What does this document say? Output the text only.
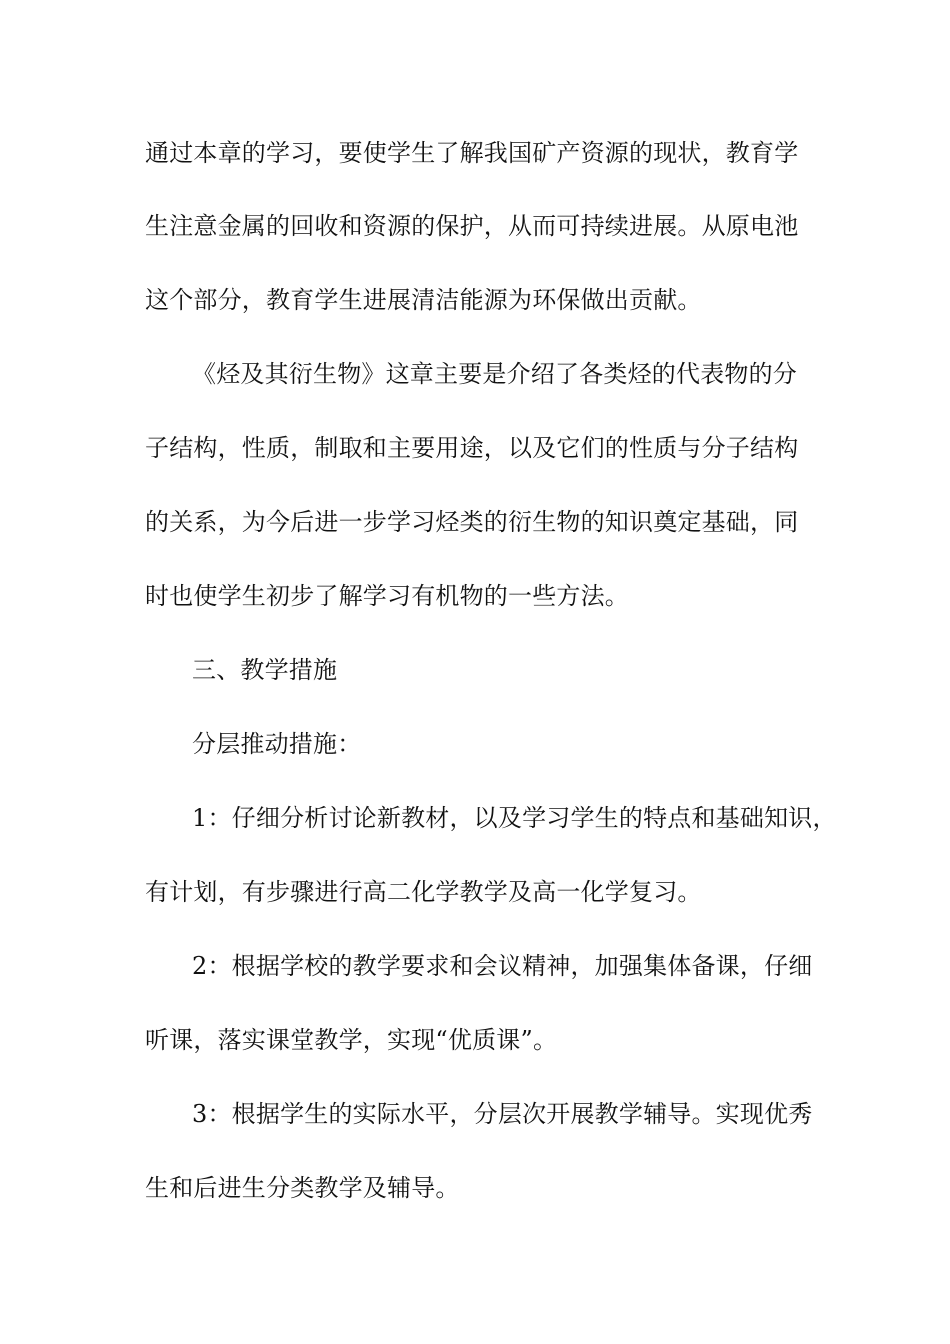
通过本章的学习，要使学生了解我国矿产资源的现状，教育学
生注意金属的回收和资源的保护，从而可持续进展。从原电池
这个部分，教育学生进展清洁能源为环保做出贡献。
《烃及其衍生物》这章主要是介绍了各类烃的代表物的分
子结构，性质，制取和主要用途，以及它们的性质与分子结构
的关系，为今后进一步学习烃类的衍生物的知识奠定基础，同
时也使学生初步了解学习有机物的一些方法。
三、教学措施
分层推动措施：
1：仔细分析讨论新教材，以及学习学生的特点和基础知识，
有计划，有步骤进行高二化学教学及高一化学复习。
2：根据学校的教学要求和会议精神，加强集体备课，仔细
听课，落实课堂教学，实现“优质课”。
3：根据学生的实际水平，分层次开展教学辅导。实现优秀
生和后进生分类教学及辅导。
